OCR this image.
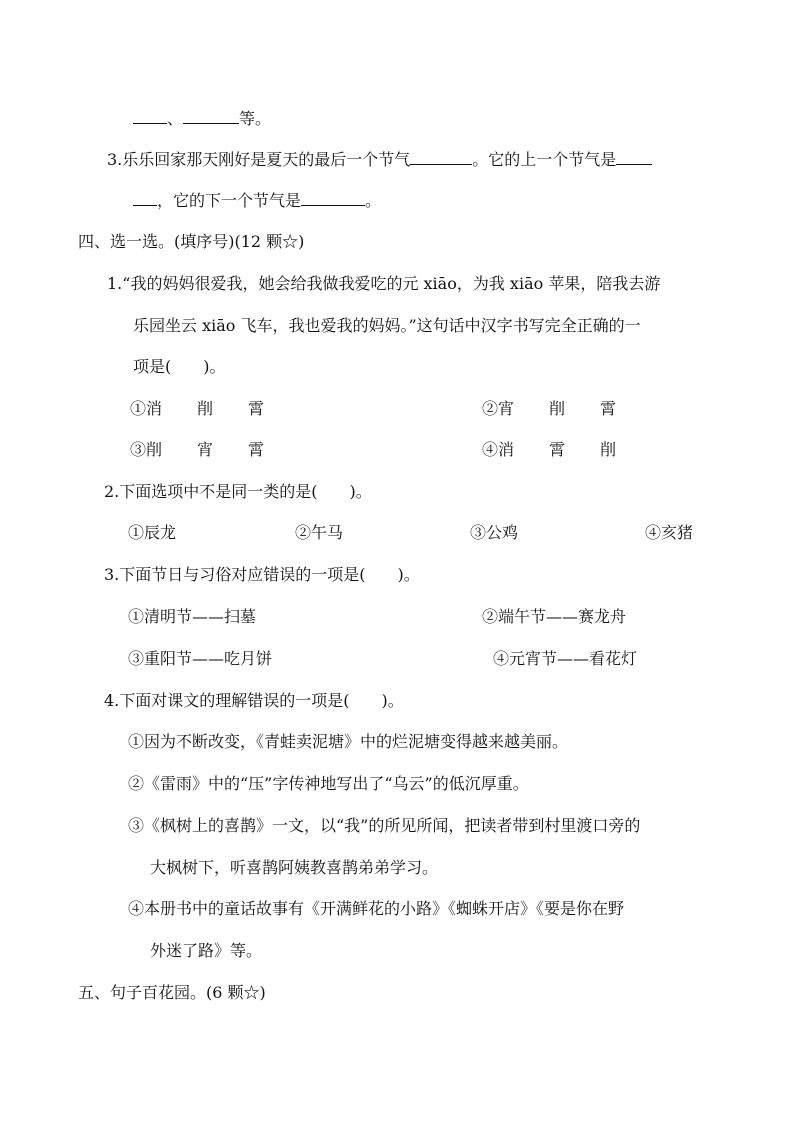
、	等。
3.乐乐回家那天刚好是夏天的最后一个节气	。它的上一个节气是
，它的下一个节气是	。
四、选一选。(填序号)(12 颗☆)
1.“我的妈妈很爱我，她会给我做我爱吃的元 xiāo，为我 xiāo 苹果，陪我去游
乐园坐云 xiāo 飞车，我也爱我的妈妈。”这句话中汉字书写完全正确的一
项是(　　)。
①消 削 霄	②宵 削 霄
③削 宵 霄	④消 霄 削
2.下面选项中不是同一类的是(　　)。
①辰龙	②午马	③公鸡	④亥猪
3.下面节日与习俗对应错误的一项是(　　)。
①清明节——扫墓	②端午节——赛龙舟
③重阳节——吃月饼	④元宵节——看花灯
4.下面对课文的理解错误的一项是(　　)。
①因为不断改变，《青蛙卖泥塘》中的烂泥塘变得越来越美丽。
②《雷雨》中的“压”字传神地写出了“乌云”的低沉厚重。
③《枫树上的喜鹊》一文，以“我”的所见所闻，把读者带到村里渡口旁的
大枫树下，听喜鹊阿姨教喜鹊弟弟学习。
④本册书中的童话故事有《开满鲜花的小路》《蜘蛛开店》《要是你在野
外迷了路》等。
五、句子百花园。(6 颗☆)
